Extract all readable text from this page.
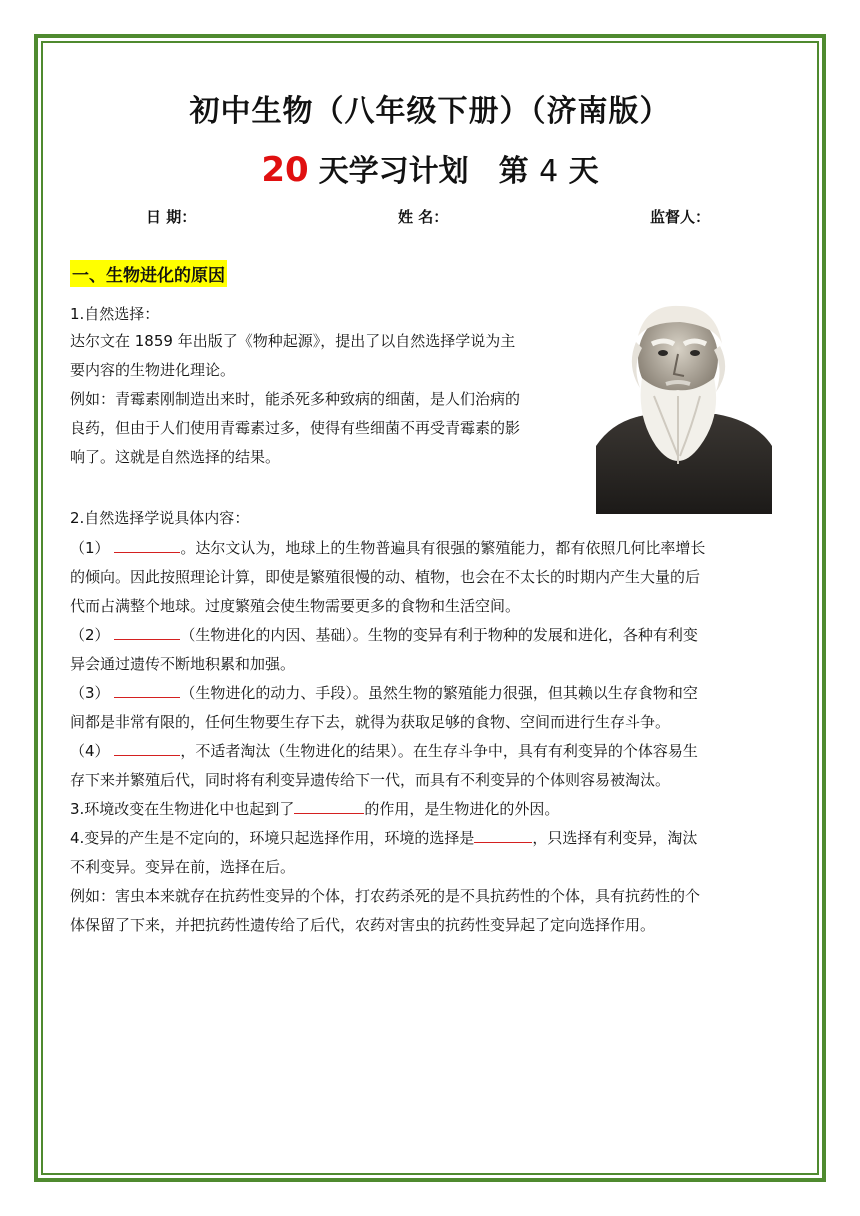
初中生物（八年级下册）（济南版）
20 天学习计划 第 4 天
日 期：	姓 名：	监督人：
一、生物进化的原因
1.自然选择：
达尔文在 1859 年出版了《物种起源》，提出了以自然选择学说为主
要内容的生物进化理论。
例如：青霉素刚制造出来时，能杀死多种致病的细菌，是人们治病的
良药，但由于人们使用青霉素过多，使得有些细菌不再受青霉素的影
响了。这就是自然选择的结果。
2.自然选择学说具体内容：
（1）	。达尔文认为，地球上的生物普遍具有很强的繁殖能力，都有依照几何比率增长
的倾向。因此按照理论计算，即使是繁殖很慢的动、植物，也会在不太长的时期内产生大量的后
代而占满整个地球。过度繁殖会使生物需要更多的食物和生活空间。
（2）	（生物进化的内因、基础）。生物的变异有利于物种的发展和进化，各种有利变
异会通过遗传不断地积累和加强。
（3）	（生物进化的动力、手段）。虽然生物的繁殖能力很强，但其赖以生存食物和空
间都是非常有限的，任何生物要生存下去，就得为获取足够的食物、空间而进行生存斗争。
（4）	，不适者淘汰（生物进化的结果）。在生存斗争中，具有有利变异的个体容易生
存下来并繁殖后代，同时将有利变异遗传给下一代，而具有不利变异的个体则容易被淘汰。
3.环境改变在生物进化中也起到了	的作用，是生物进化的外因。
4.变异的产生是不定向的，环境只起选择作用，环境的选择是	，只选择有利变异，淘汰
不利变异。变异在前，选择在后。
例如：害虫本来就存在抗药性变异的个体，打农药杀死的是不具抗药性的个体，具有抗药性的个
体保留了下来，并把抗药性遗传给了后代，农药对害虫的抗药性变异起了定向选择作用。
